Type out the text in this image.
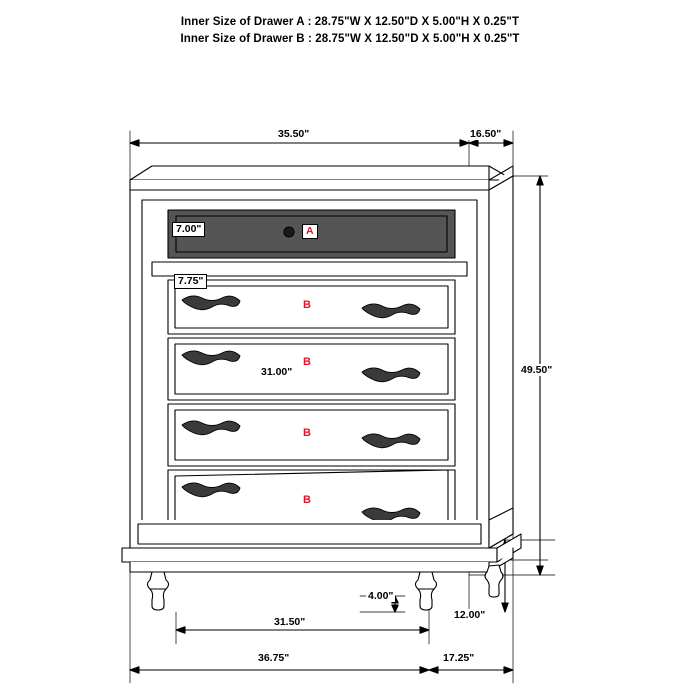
Inner Size of Drawer A : 28.75"W X 12.50"D X 5.00"H X 0.25"T
Inner Size of Drawer B : 28.75"W X 12.50"D X 5.00"H X 0.25"T
35.50"	16.50"
49.50"
31.00"
31.50"
36.75"	17.25"
4.00"
12.00"
7.00"
7.75"
A
B
B
B
B
